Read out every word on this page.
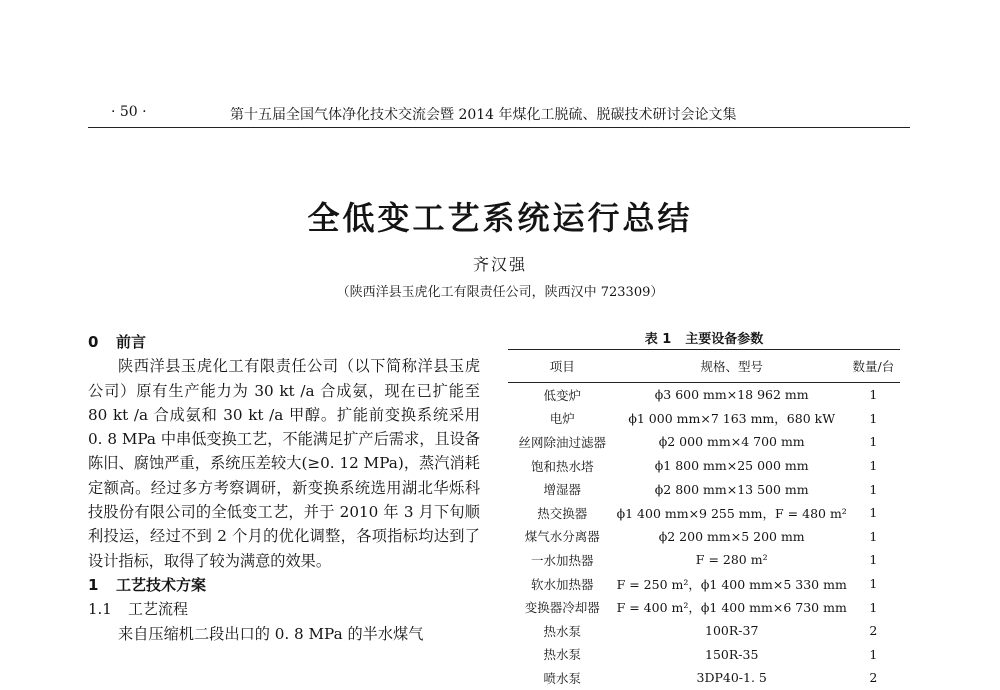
· 50 ·	第十五届全国气体净化技术交流会暨 2014 年煤化工脱硫、脱碳技术研讨会论文集
全低变工艺系统运行总结
齐汉强
（陕西洋县玉虎化工有限责任公司，陕西汉中 723309）
0 前言

陕西洋县玉虎化工有限责任公司（以下简称洋县玉虎公司）原有生产能力为 30 kt /a 合成氨，现在已扩能至 80 kt /a 合成氨和 30 kt /a 甲醇。扩能前变换系统采用 0. 8 MPa 中串低变换工艺，不能满足扩产后需求，且设备陈旧、腐蚀严重，系统压差较大(≥0. 12 MPa)，蒸汽消耗定额高。经过多方考察调研，新变换系统选用湖北华烁科技股份有限公司的全低变工艺，并于 2010 年 3 月下旬顺利投运，经过不到 2 个月的优化调整，各项指标均达到了设计指标，取得了较为满意的效果。

1 工艺技术方案
1.1 工艺流程

来自压缩机二段出口的 0. 8 MPa 的半水煤气

表 1 主要设备参数
项目	规格、型号	数量/台
低变炉	ϕ3 600 mm×18 962 mm	1
电炉	ϕ1 000 mm×7 163 mm，680 kW	1
丝网除油过滤器	ϕ2 000 mm×4 700 mm	1
饱和热水塔	ϕ1 800 mm×25 000 mm	1
增湿器	ϕ2 800 mm×13 500 mm	1
热交换器	ϕ1 400 mm×9 255 mm，F = 480 m²	1
煤气水分离器	ϕ2 200 mm×5 200 mm	1
一水加热器	F = 280 m²	1
软水加热器	F = 250 m²，ϕ1 400 mm×5 330 mm	1
变换器冷却器	F = 400 m²，ϕ1 400 mm×6 730 mm	1
热水泵	100R-37	2
热水泵	150R-35	1
喷水泵	3DP40-1. 5	2
